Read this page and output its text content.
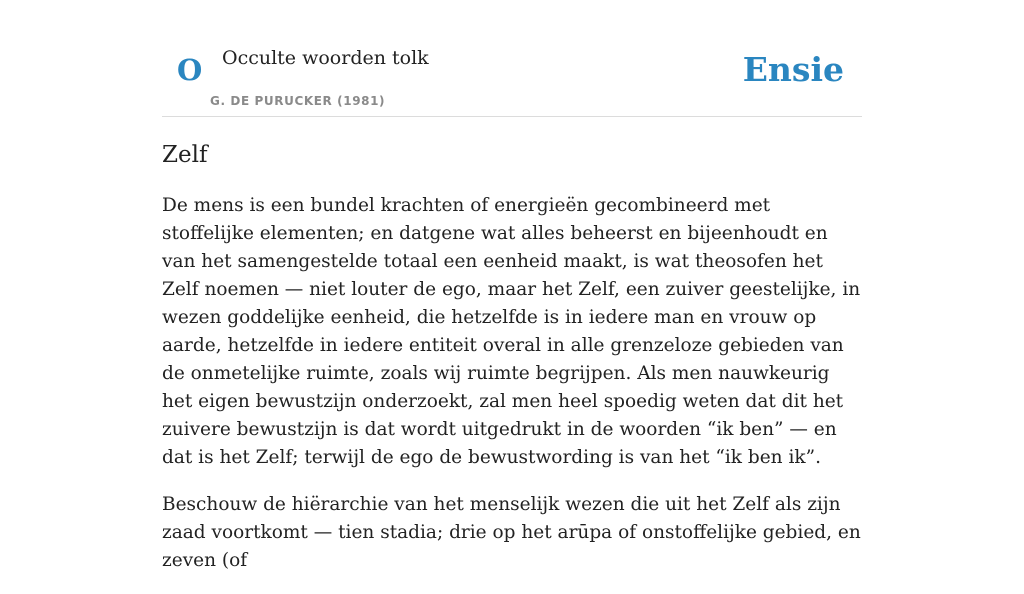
O Occulte woorden tolk
G. DE PURUCKER (1981)
Ensie
Zelf

De mens is een bundel krachten of energieën gecombineerd met stoffelijke elementen; en datgene wat alles beheerst en bijeenhoudt en van het samengestelde totaal een eenheid maakt, is wat theosofen het Zelf noemen — niet louter de ego, maar het Zelf, een zuiver geestelijke, in wezen goddelijke eenheid, die hetzelfde is in iedere man en vrouw op aarde, hetzelfde in iedere entiteit overal in alle grenzeloze gebieden van de onmetelijke ruimte, zoals wij ruimte begrijpen. Als men nauwkeurig het eigen bewustzijn onderzoekt, zal men heel spoedig weten dat dit het zuivere bewustzijn is dat wordt uitgedrukt in de woorden “ik ben” — en dat is het Zelf; terwijl de ego de bewustwording is van het “ik ben ik”.

Beschouw de hiërarchie van het menselijk wezen die uit het Zelf als zijn zaad voortkomt — tien stadia; drie op het arūpa of onstoffelijke gebied, en zeven (of
